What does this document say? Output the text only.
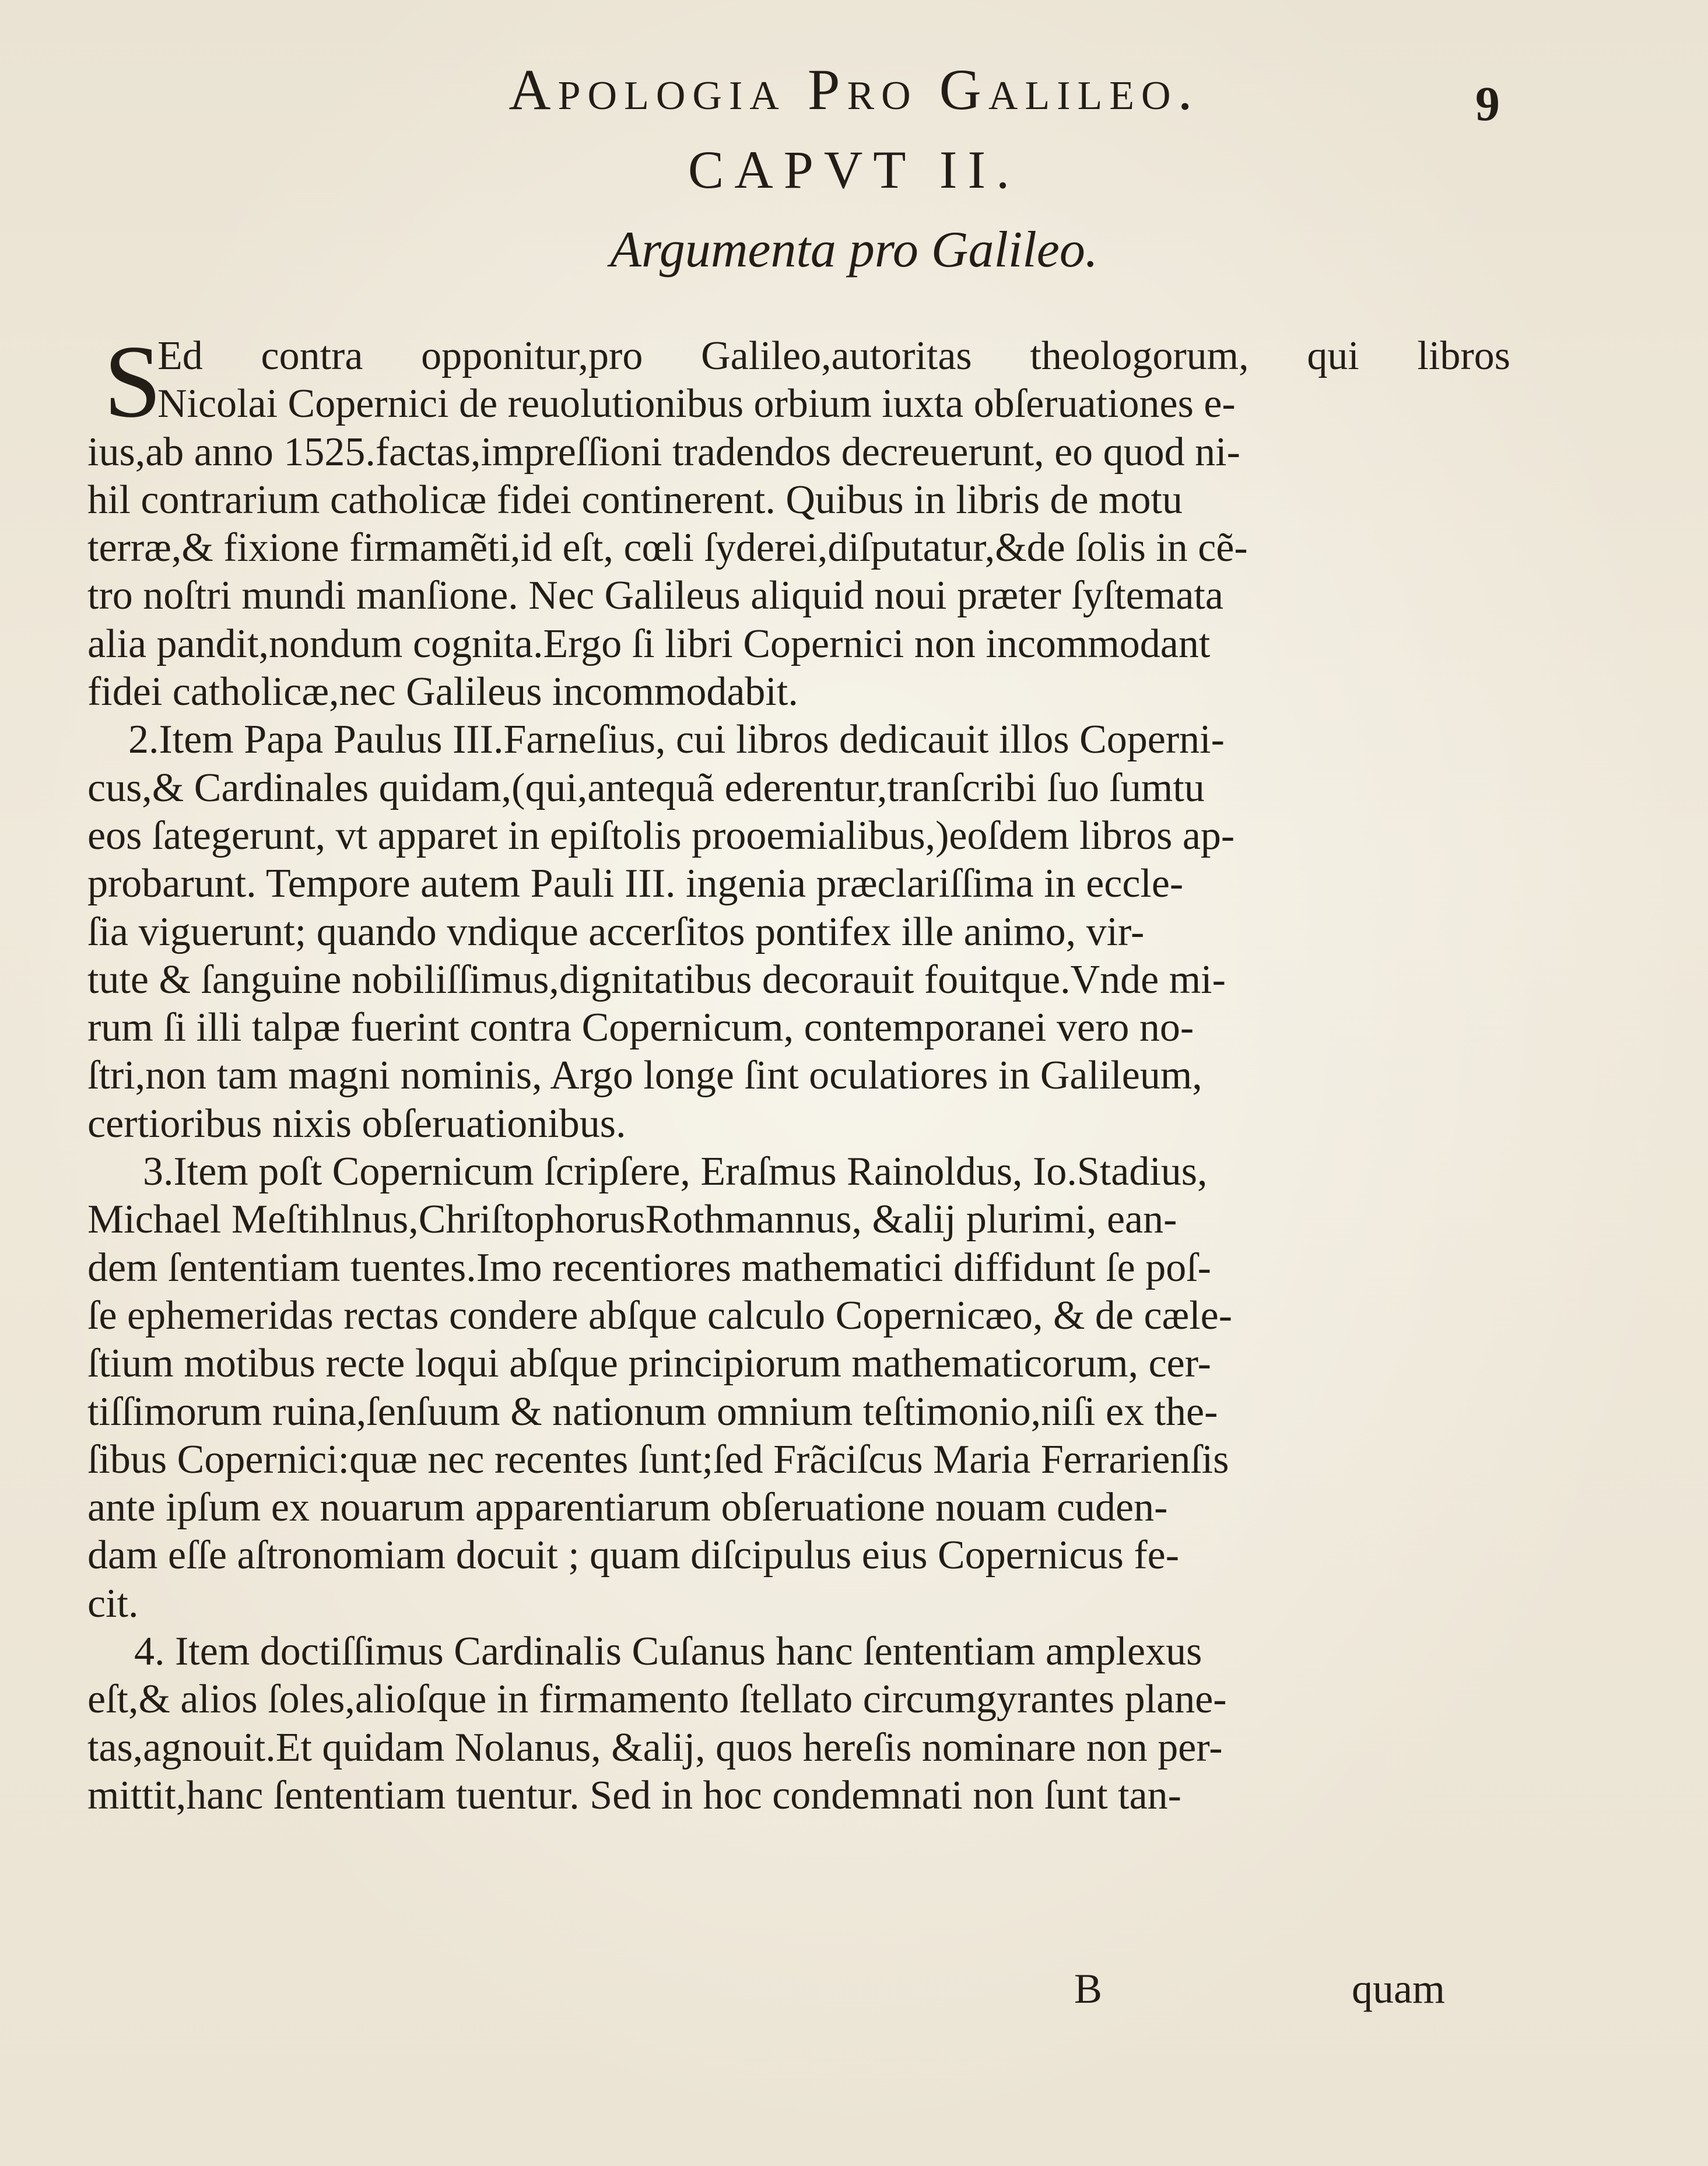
Apologia Pro Galileo.	9
CAPVT II.
Argumenta pro Galileo.
S
Ed contra opponitur,pro Galileo,autoritas theologorum, qui libros
Nicolai Copernici de reuolutionibus orbium iuxta obſeruationes e-
ius,ab anno 1525.factas,impreſſioni tradendos decreuerunt, eo quod ni-
hil contrarium catholicæ fidei continerent. Quibus in libris de motu
terræ,& fixione firmamẽti,id eſt, cœli ſyderei,diſputatur,&de ſolis in cẽ-
tro noſtri mundi manſione. Nec Galileus aliquid noui præter ſyſtemata
alia pandit,nondum cognita.Ergo ſi libri Copernici non incommodant
fidei catholicæ,nec Galileus incommodabit.
2.Item Papa Paulus III.Farneſius, cui libros dedicauit illos Coperni-
cus,& Cardinales quidam,(qui,antequã ederentur,tranſcribi ſuo ſumtu
eos ſategerunt, vt apparet in epiſtolis prooemialibus,)eoſdem libros ap-
probarunt. Tempore autem Pauli III. ingenia præclariſſima in eccle-
ſia viguerunt; quando vndique accerſitos pontifex ille animo, vir-
tute & ſanguine nobiliſſimus,dignitatibus decorauit fouitque.Vnde mi-
rum ſi illi talpæ fuerint contra Copernicum, contemporanei vero no-
ſtri,non tam magni nominis, Argo longe ſint oculatiores in Galileum,
certioribus nixis obſeruationibus.
3.Item poſt Copernicum ſcripſere, Eraſmus Rainoldus, Io.Stadius,
Michael Meſtihlnus,ChriſtophorusRothmannus, &alij plurimi, ean-
dem ſententiam tuentes.Imo recentiores mathematici diffidunt ſe poſ-
ſe ephemeridas rectas condere abſque calculo Copernicæo, & de cæle-
ſtium motibus recte loqui abſque principiorum mathematicorum, cer-
tiſſimorum ruina,ſenſuum & nationum omnium teſtimonio,niſi ex the-
ſibus Copernici:quæ nec recentes ſunt;ſed Frãciſcus Maria Ferrarienſis
ante ipſum ex nouarum apparentiarum obſeruatione nouam cuden-
dam eſſe aſtronomiam docuit ; quam diſcipulus eius Copernicus fe-
cit.
4. Item doctiſſimus Cardinalis Cuſanus hanc ſententiam amplexus
eſt,& alios ſoles,alioſque in firmamento ſtellato circumgyrantes plane-
tas,agnouit.Et quidam Nolanus, &alij, quos hereſis nominare non per-
mittit,hanc ſententiam tuentur. Sed in hoc condemnati non ſunt tan-
B	quam
